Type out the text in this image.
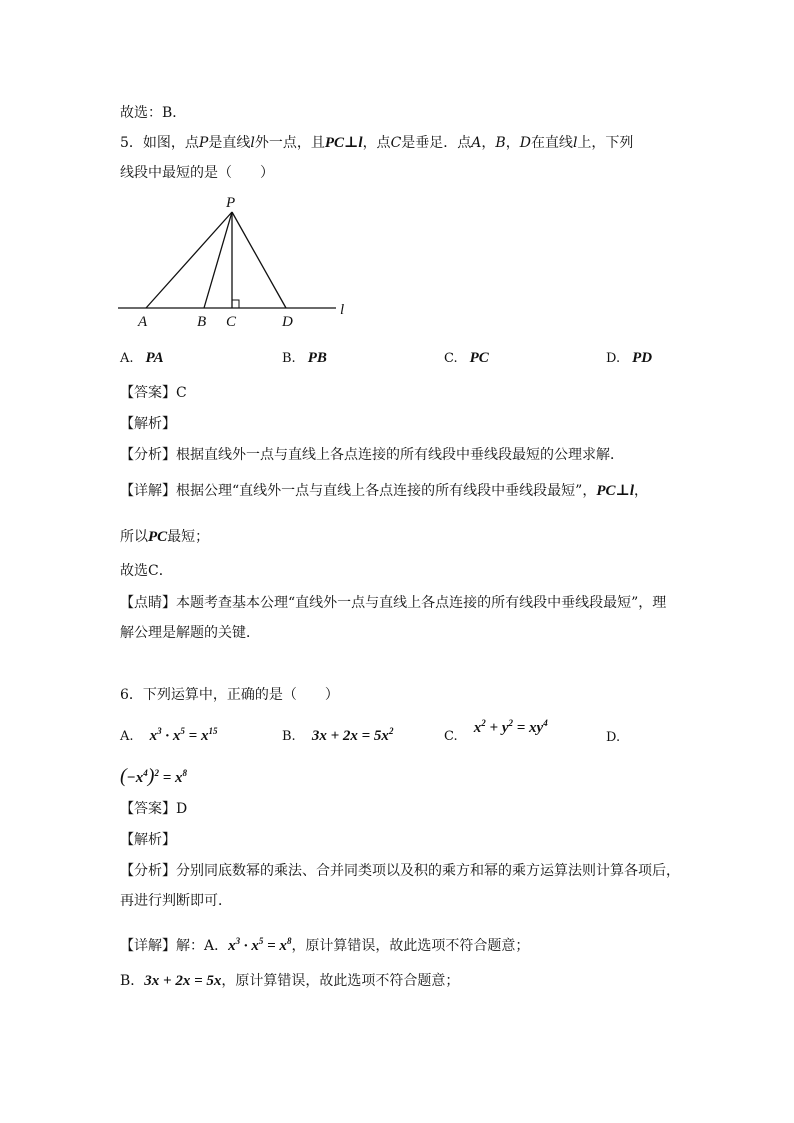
故选：B．
5．如图，点P是直线l外一点，且PC⊥l，点C是垂足．点A，B，D在直线l上，下列
线段中最短的是（　　）
P
A	B C	D
l
A. PA	B. PB	C. PC	D. PD
【答案】C
【解析】
【分析】根据直线外一点与直线上各点连接的所有线段中垂线段最短的公理求解．
【详解】根据公理“直线外一点与直线上各点连接的所有线段中垂线段最短”，PC⊥l，
所以PC最短；
故选C．
【点睛】本题考查基本公理“直线外一点与直线上各点连接的所有线段中垂线段最短”，理
解公理是解题的关键．
6．下列运算中，正确的是（　　）
A. $x^3 \cdot x^5 = x^{15}$	B. $3x + 2x = 5x^2$	C. $x^2 + y^2 = xy^4$
D.
$(-x^4)^2 = x^8$
【答案】D
【解析】
【分析】分别同底数幂的乘法、合并同类项以及积的乘方和幂的乘方运算法则计算各项后，
再进行判断即可．
【详解】解：A．$x^3 \cdot x^5 = x^8$，原计算错误，故此选项不符合题意；
B．3x + 2x = 5x，原计算错误，故此选项不符合题意；
